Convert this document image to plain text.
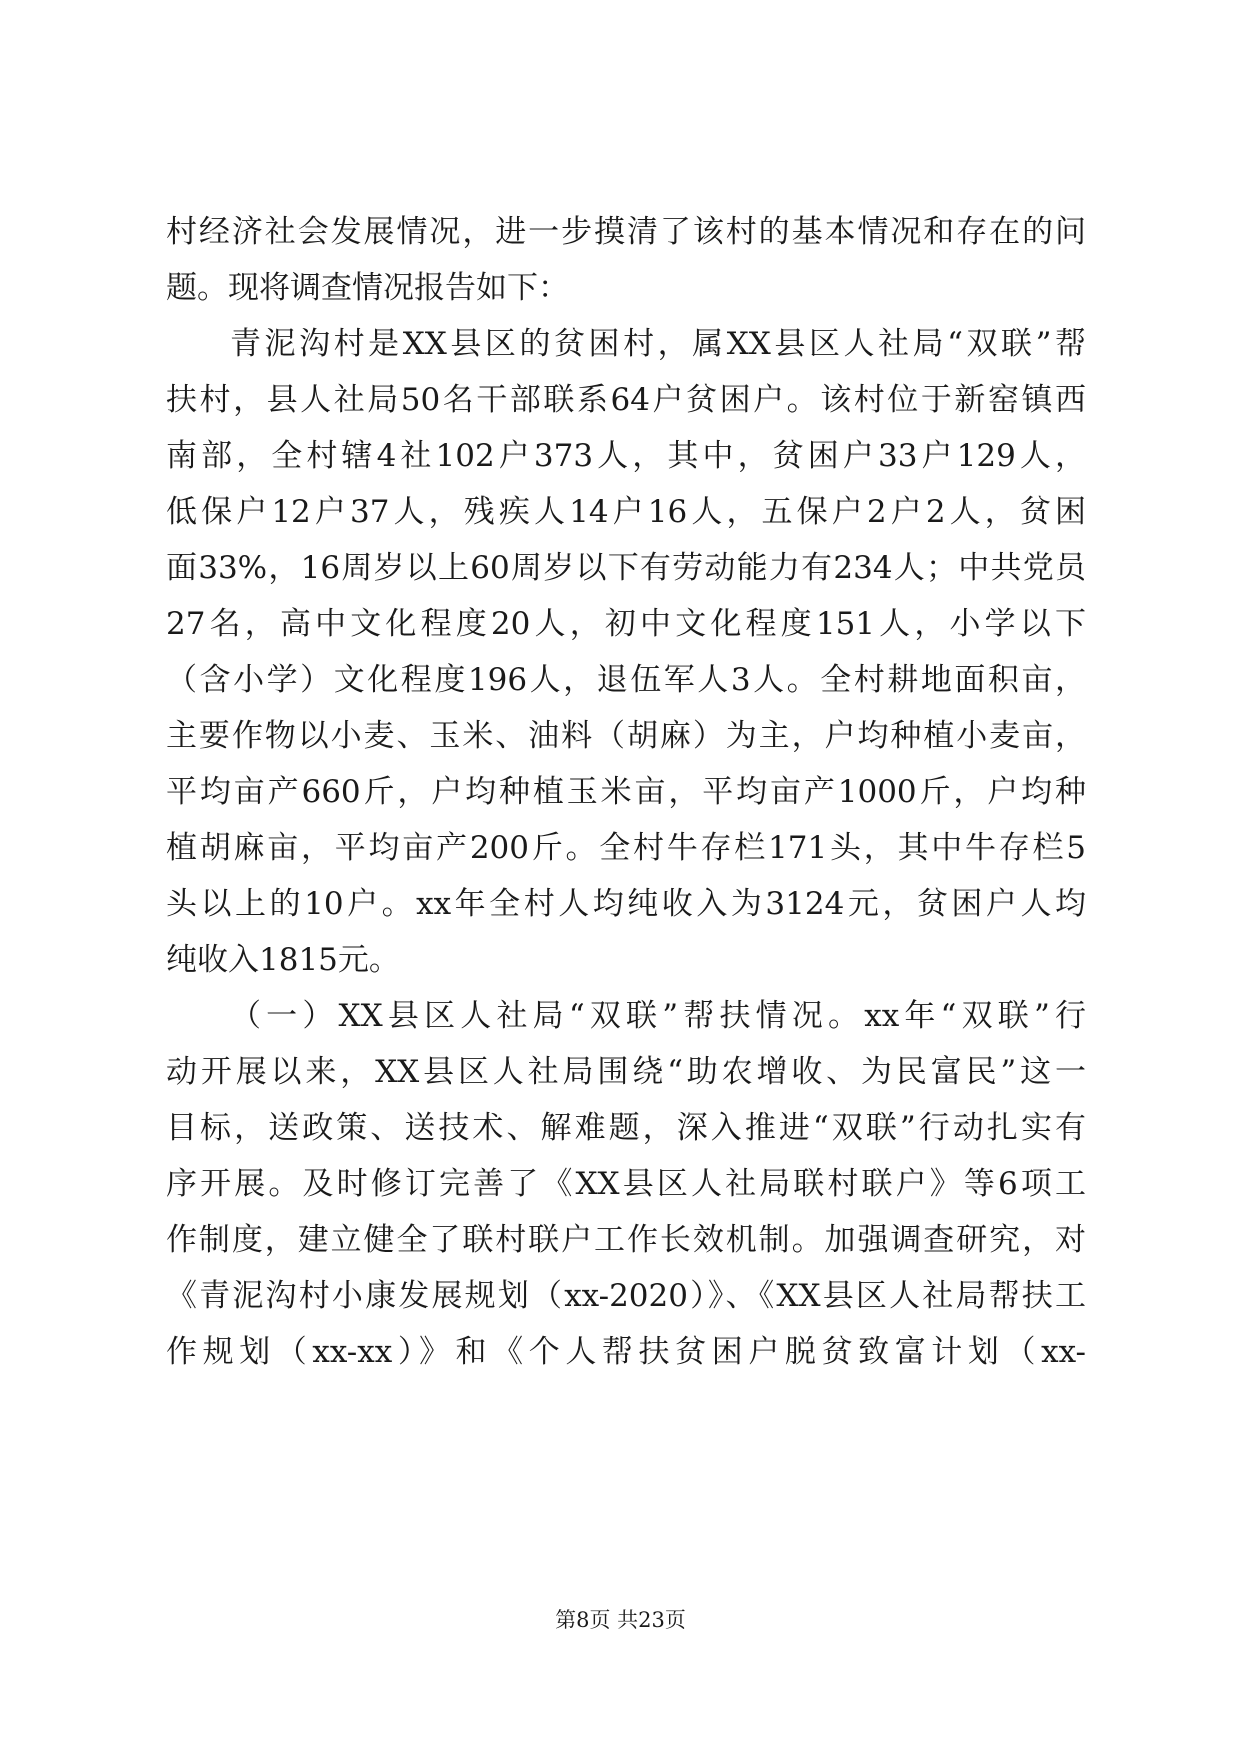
村经济社会发展情况，进一步摸清了该村的基本情况和存在的问
题。现将调查情况报告如下：
青泥沟村是XX县区的贫困村，属XX县区人社局“双联”帮
扶村，县人社局50名干部联系64户贫困户。该村位于新窑镇西
南部，全村辖4社102户373人，其中，贫困户33户129人，
低保户12户37人，残疾人14户16人，五保户2户2人，贫困
面33%，16周岁以上60周岁以下有劳动能力有234人；中共党员
27名，高中文化程度20人，初中文化程度151人，小学以下
（含小学）文化程度196人，退伍军人3人。全村耕地面积亩，
主要作物以小麦、玉米、油料（胡麻）为主，户均种植小麦亩，
平均亩产660斤，户均种植玉米亩，平均亩产1000斤，户均种
植胡麻亩，平均亩产200斤。全村牛存栏171头，其中牛存栏5
头以上的10户。xx年全村人均纯收入为3124元，贫困户人均
纯收入1815元。
（一）XX县区人社局“双联”帮扶情况。xx年“双联”行
动开展以来，XX县区人社局围绕“助农增收、为民富民”这一
目标，送政策、送技术、解难题，深入推进“双联”行动扎实有
序开展。及时修订完善了《XX县区人社局联村联户》等6项工
作制度，建立健全了联村联户工作长效机制。加强调查研究，对
《青泥沟村小康发展规划（xx-2020）》、《XX县区人社局帮扶工
作规划（xx-xx）》和《个人帮扶贫困户脱贫致富计划（xx-
第8页 共23页
